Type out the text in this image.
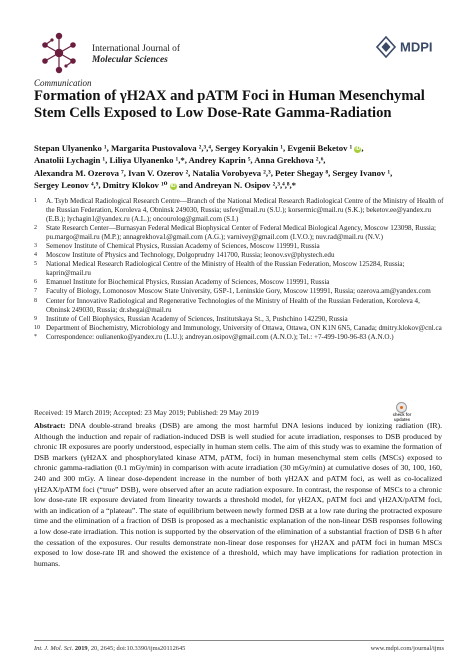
International Journal of
Molecular Sciences
MDPI
Communication
Formation of γH2AX and pATM Foci in Human Mesenchymal Stem Cells Exposed to Low Dose-Rate Gamma-Radiation
Stepan Ulyanenko ¹, Margarita Pustovalova ²,³,⁴, Sergey Koryakin ¹, Evgenii Beketov ¹ iD,
Anatolii Lychagin ¹, Liliya Ulyanenko ¹,*, Andrey Kaprin ⁵, Anna Grekhova ²,⁶,
Alexandra M. Ozerova ⁷, Ivan V. Ozerov ², Natalia Vorobyeva ²,³, Peter Shegay ⁸, Sergey Ivanov ¹,
Sergey Leonov ⁴,⁹, Dmitry Klokov ¹⁰ iD and Andreyan N. Osipov ²,³,⁴,⁸,*
1 A. Tsyb Medical Radiological Research Centre—Branch of the National Medical Research Radiological Centre of the Ministry of Health of the Russian Federation, Koroleva 4, Obninsk 249030, Russia; usfev@mail.ru (S.U.); korsermic@mail.ru (S.K.); beketov.ee@yandex.ru (E.B.); lychagin1@yandex.ru (A.L.); oncourolog@gmail.com (S.I.)
2 State Research Center—Burnasyan Federal Medical Biophysical Center of Federal Medical Biological Agency, Moscow 123098, Russia; pu.margo@mail.ru (M.P.); annagrekhova1@gmail.com (A.G.); varnivey@gmail.com (I.V.O.); nuv.rad@mail.ru (N.V.)
3 Semenov Institute of Chemical Physics, Russian Academy of Sciences, Moscow 119991, Russia
4 Moscow Institute of Physics and Technology, Dolgoprudny 141700, Russia; leonov.sv@phystech.edu
5 National Medical Research Radiological Centre of the Ministry of Health of the Russian Federation, Moscow 125284, Russia; kaprin@mail.ru
6 Emanuel Institute for Biochemical Physics, Russian Academy of Sciences, Moscow 119991, Russia
7 Faculty of Biology, Lomonosov Moscow State University, GSP-1, Leninskie Gory, Moscow 119991, Russia; ozerova.am@yandex.com
8 Center for Innovative Radiological and Regenerative Technologies of the Ministry of Health of the Russian Federation, Koroleva 4, Obninsk 249030, Russia; dr.shegai@mail.ru
9 Institute of Cell Biophysics, Russian Academy of Sciences, Institutskaya St., 3, Pushchino 142290, Russia
10 Department of Biochemistry, Microbiology and Immunology, University of Ottawa, Ottawa, ON K1N 6N5, Canada; dmitry.klokov@cnl.ca
* Correspondence: oulianenko@yandex.ru (L.U.); andreyan.osipov@gmail.com (A.N.O.); Tel.: +7-499-190-96-83 (A.N.O.)
Received: 19 March 2019; Accepted: 23 May 2019; Published: 29 May 2019	check for
updates

Abstract: DNA double-strand breaks (DSB) are among the most harmful DNA lesions induced by ionizing radiation (IR). Although the induction and repair of radiation-induced DSB is well studied for acute irradiation, responses to DSB produced by chronic IR exposures are poorly understood, especially in human stem cells. The aim of this study was to examine the formation of DSB markers (γH2AX and phosphorylated kinase ATM, pATM, foci) in human mesenchymal stem cells (MSCs) exposed to chronic gamma-radiation (0.1 mGy/min) in comparison with acute irradiation (30 mGy/min) at cumulative doses of 30, 100, 160, 240 and 300 mGy. A linear dose-dependent increase in the number of both γH2AX and pATM foci, as well as co-localized γH2AX/pATM foci (“true” DSB), were observed after an acute radiation exposure. In contrast, the response of MSCs to a chronic low dose-rate IR exposure deviated from linearity towards a threshold model, for γH2AX, pATM foci and γH2AX/pATM foci, with an indication of a “plateau”. The state of equilibrium between newly formed DSB at a low rate during the protracted exposure time and the elimination of a fraction of DSB is proposed as a mechanistic explanation of the non-linear DSB responses following a low dose-rate irradiation. This notion is supported by the observation of the elimination of a substantial fraction of DSB 6 h after the cessation of the exposures. Our results demonstrate non-linear dose responses for γH2AX and pATM foci in human MSCs exposed to low dose-rate IR and showed the existence of a threshold, which may have implications for radiation protection in humans.

Int. J. Mol. Sci. 2019, 20, 2645; doi:10.3390/ijms20112645	www.mdpi.com/journal/ijms
